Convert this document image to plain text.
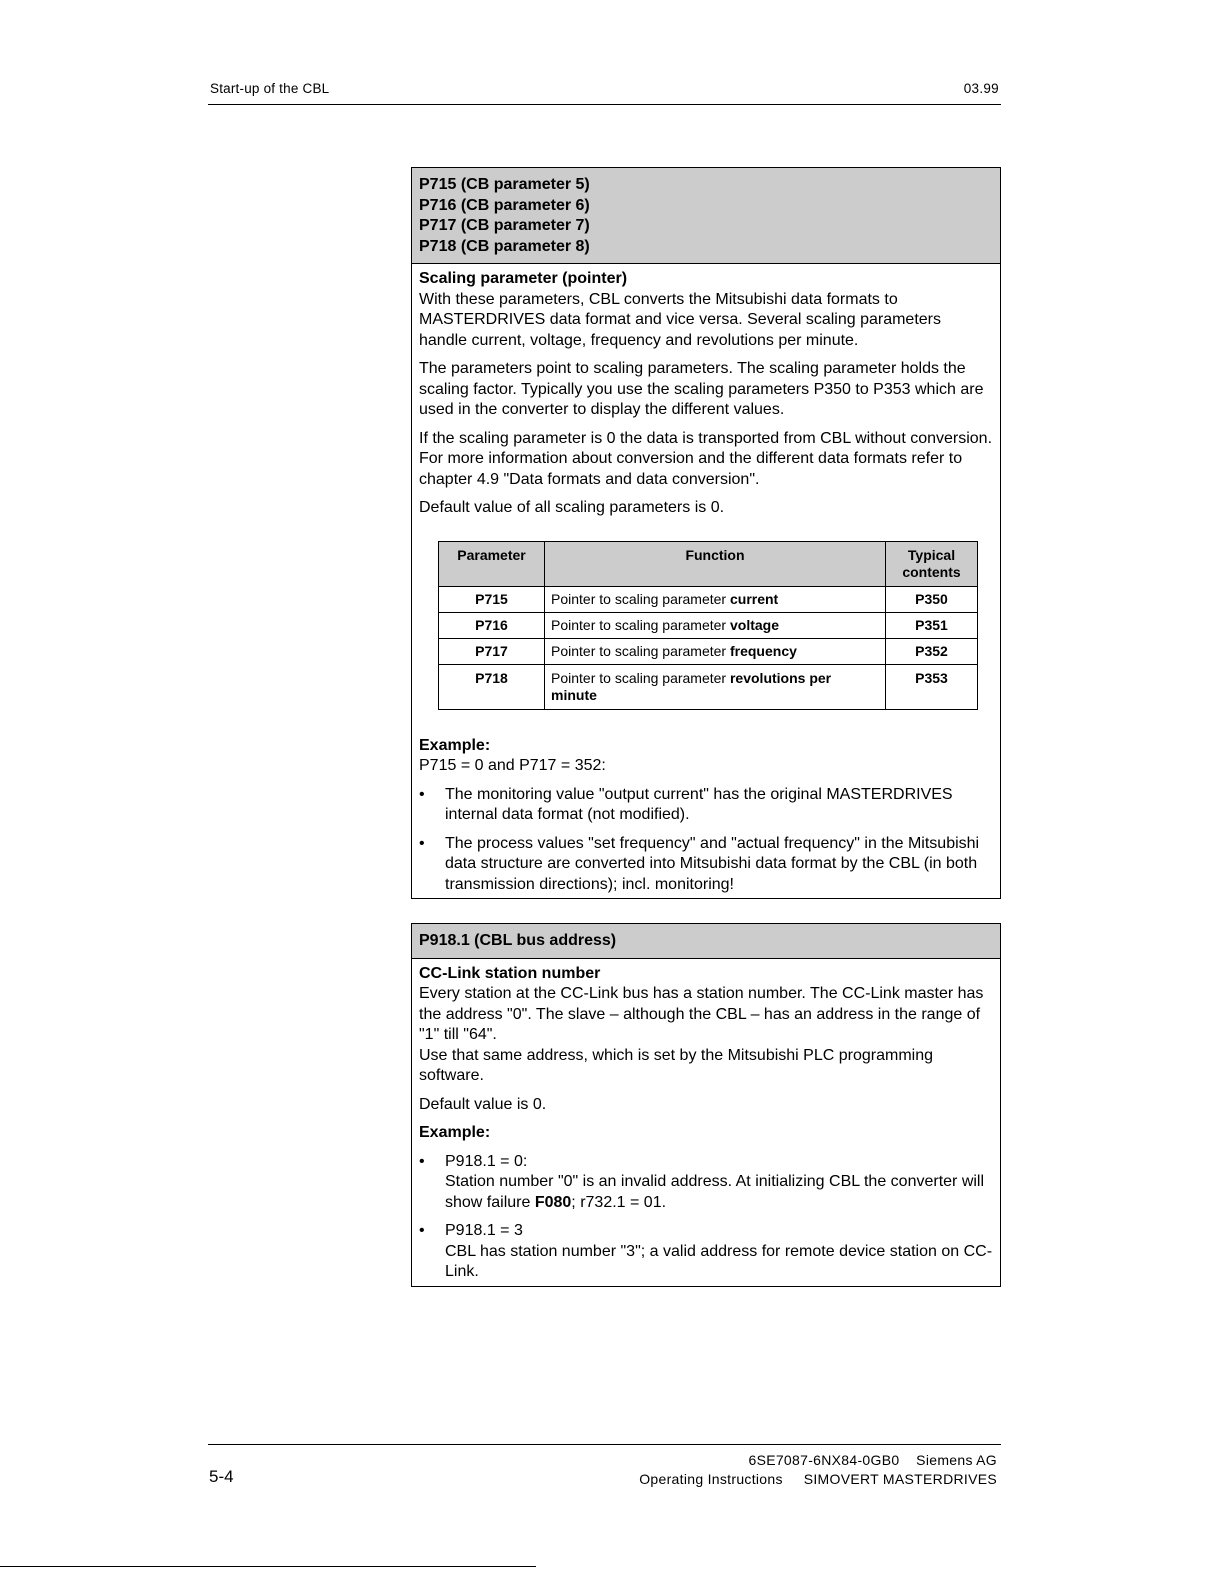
Start-up of the CBL	03.99
P715 (CB parameter 5)
P716 (CB parameter 6)
P717 (CB parameter 7)
P718 (CB parameter 8)

Scaling parameter (pointer)

With these parameters, CBL converts the Mitsubishi data formats to MASTERDRIVES data format and vice versa. Several scaling parameters handle current, voltage, frequency and revolutions per minute.

The parameters point to scaling parameters. The scaling parameter holds the scaling factor. Typically you use the scaling parameters P350 to P353 which are used in the converter to display the different values.

If the scaling parameter is 0 the data is transported from CBL without conversion. For more information about conversion and the different data formats refer to chapter 4.9 "Data formats and data conversion".

Default value of all scaling parameters is 0.

Parameter	Function	Typical contents
P715	Pointer to scaling parameter current	P350
P716	Pointer to scaling parameter voltage	P351
P717	Pointer to scaling parameter frequency	P352
P718	Pointer to scaling parameter revolutions per minute	P353

Example:

P715 = 0 and P717 = 352:

• The monitoring value "output current" has the original MASTERDRIVES internal data format (not modified).
• The process values "set frequency" and "actual frequency" in the Mitsubishi data structure are converted into Mitsubishi data format by the CBL (in both transmission directions); incl. monitoring!
P918.1 (CBL bus address)

CC-Link station number

Every station at the CC-Link bus has a station number. The CC-Link master has the address "0". The slave – although the CBL – has an address in the range of "1" till "64".

Use that same address, which is set by the Mitsubishi PLC programming software.

Default value is 0.

Example:

• P918.1 = 0:
Station number "0" is an invalid address. At initializing CBL the converter will show failure F080; r732.1 = 01.
• P918.1 = 3
CBL has station number "3"; a valid address for remote device station on CC-Link.
5-4
6SE7087-6NX84-0GB0    Siemens AG
Operating Instructions     SIMOVERT MASTERDRIVES
